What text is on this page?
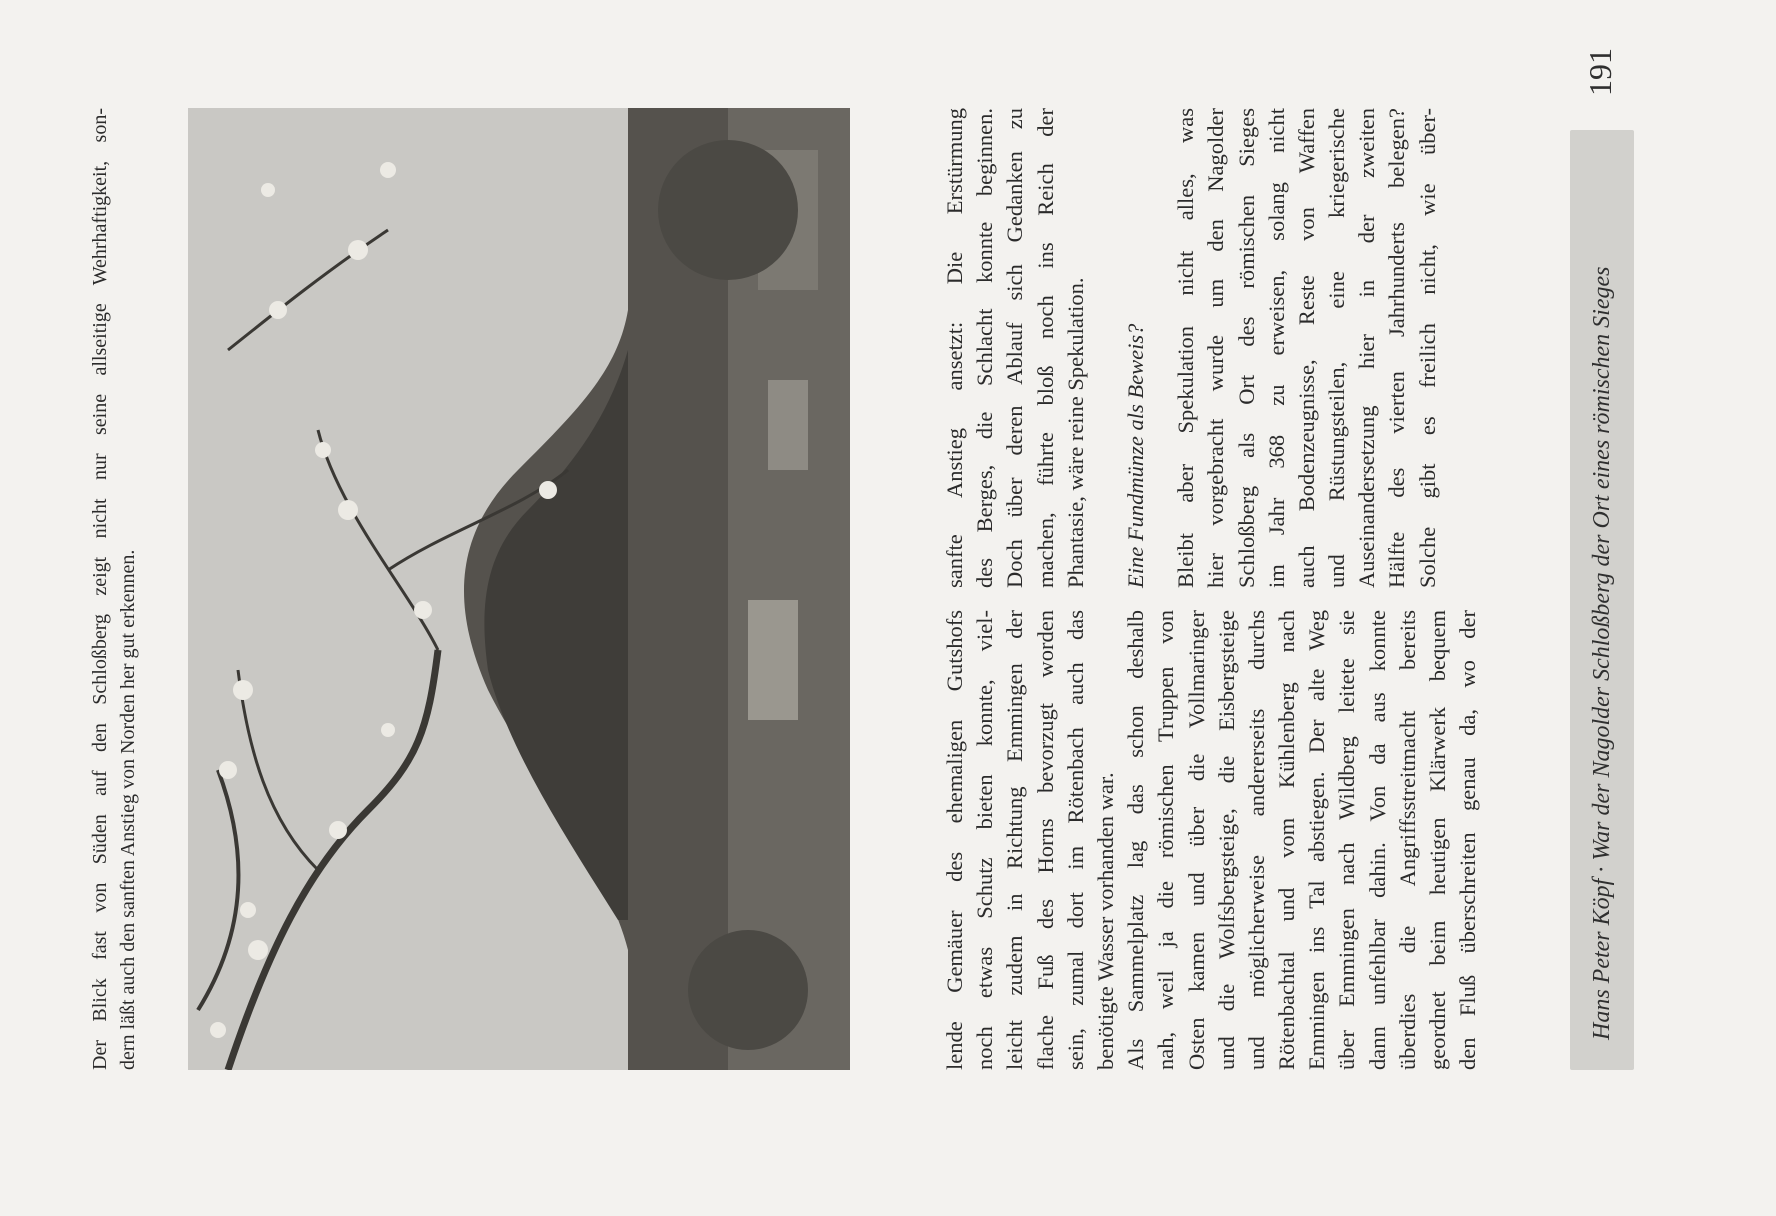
Hans Peter Köpf · War der Nagolder Schloßberg der Ort eines römischen Sieges
191
lende Gemäuer des ehemaligen Gutshofs noch etwas Schutz bieten konnte, viel- leicht zudem in Richtung Emmingen der flache Fuß des Horns bevorzugt worden sein, zumal dort im Rötenbach auch das benötigte Wasser vorhanden war. Als Sammelplatz lag das schon deshalb nah, weil ja die römischen Truppen von Osten kamen und über die Vollmaringer und die Wolfsbergsteige, die Eisbergsteige und möglicherweise andererseits durchs Rötenbachtal und vom Kühlenberg nach Emmingen ins Tal abstiegen. Der alte Weg über Emmingen nach Wildberg leitete sie dann unfehlbar dahin. Von da aus konnte überdies die Angriffsstreitmacht bereits geordnet beim heutigen Klärwerk bequem den Fluß überschreiten genau da, wo der
sanfte Anstieg ansetzt: Die Erstürmung des Berges, die Schlacht konnte beginnen. Doch über deren Ablauf sich Gedanken zu machen, führte bloß noch ins Reich der Phantasie, wäre reine Spekulation. Eine Fundmünze als Beweis? Bleibt aber Spekulation nicht alles, was hier vorgebracht wurde um den Nagolder Schloßberg als Ort des römischen Sieges im Jahr 368 zu erweisen, solang nicht auch Bodenzeugnisse, Reste von Waffen und Rüstungsteilen, eine kriegerische Auseinandersetzung hier in der zweiten Hälfte des vierten Jahrhunderts belegen? Solche gibt es freilich nicht, wie über-
Der Blick fast von Süden auf den Schloßberg zeigt nicht nur seine allseitige Wehrhaftigkeit, son- dern läßt auch den sanften Anstieg von Norden her gut erkennen.
